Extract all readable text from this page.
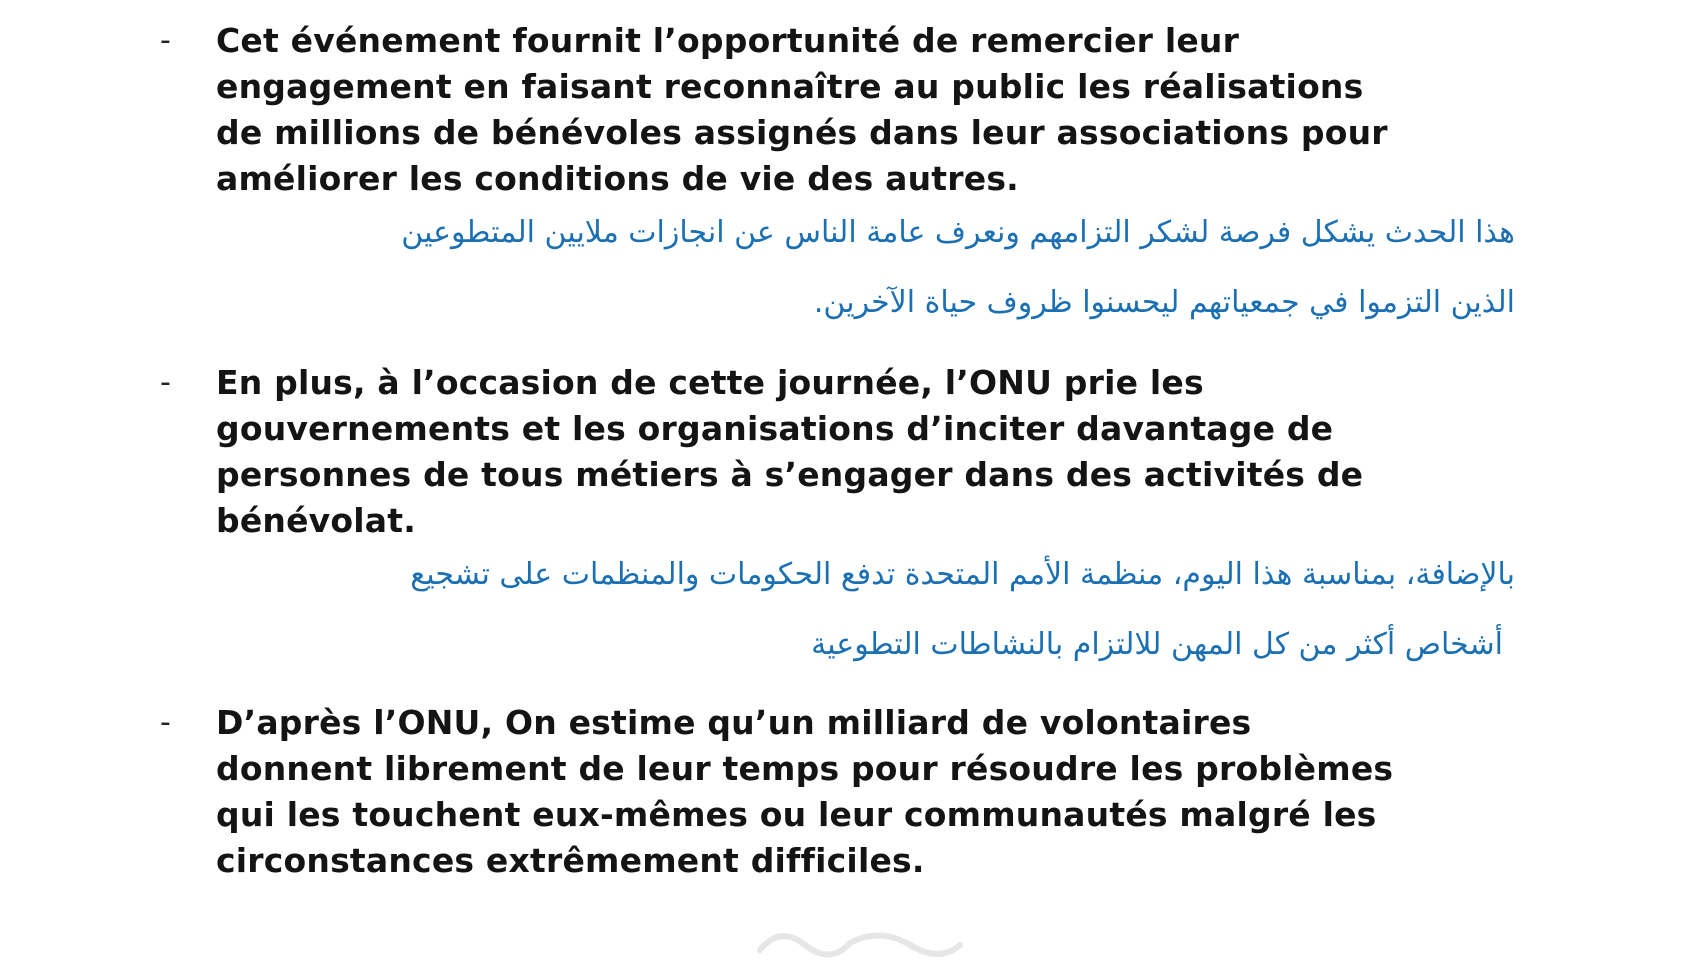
- Cet événement fournit l’opportunité de remercier leur
engagement en faisant reconnaître au public les réalisations
de millions de bénévoles assignés dans leur associations pour
améliorer les conditions de vie des autres.
هذا الحدث يشكل فرصة لشكر التزامهم ونعرف عامة الناس عن انجازات ملايين المتطوعين
الذين التزموا في جمعياتهم ليحسنوا ظروف حياة الآخرين.
- En plus, à l’occasion de cette journée, l’ONU prie les
gouvernements et les organisations d’inciter davantage de
personnes de tous métiers à s’engager dans des activités de
bénévolat.
بالإضافة، بمناسبة هذا اليوم، منظمة الأمم المتحدة تدفع الحكومات والمنظمات على تشجيع
أشخاص أكثر من كل المهن للالتزام بالنشاطات التطوعية
- D’après l’ONU, On estime qu’un milliard de volontaires
donnent librement de leur temps pour résoudre les problèmes
qui les touchent eux-mêmes ou leur communautés malgré les
circonstances extrêmement difficiles.
